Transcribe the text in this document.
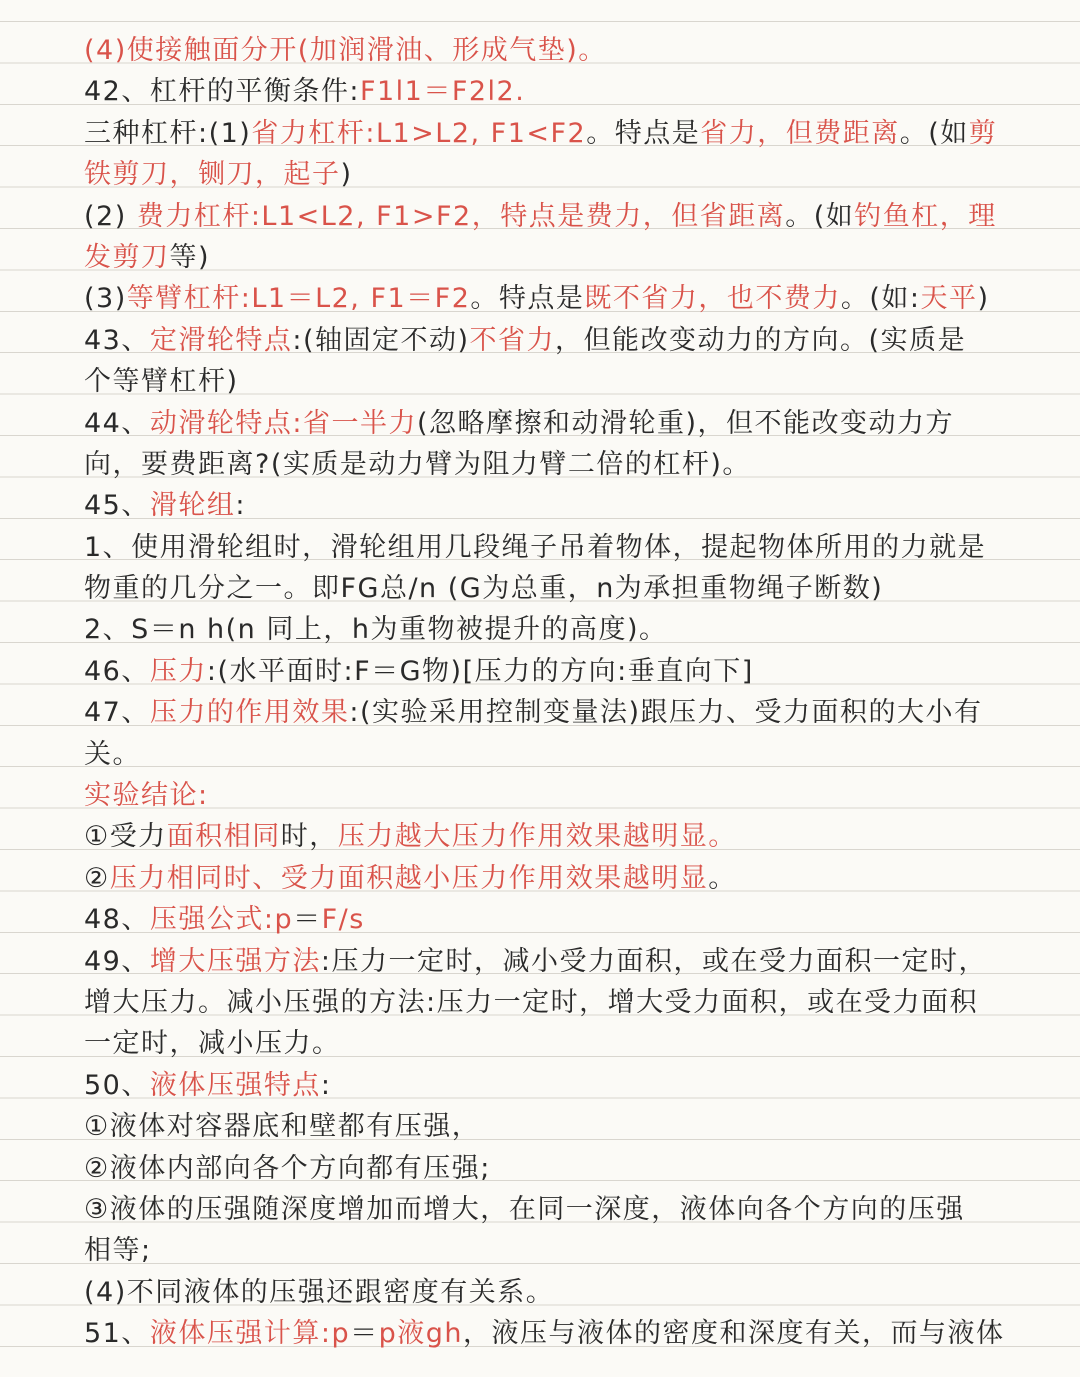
(4)使接触面分开(加润滑油、形成气垫)。
42、杠杆的平衡条件:F1l1＝F2l2.
三种杠杆:(1)省力杠杆:L1>L2, F1<F2。特点是省力，但费距离。(如剪
铁剪刀，铡刀，起子)
(2) 费力杠杆:L1<L2, F1>F2，特点是费力，但省距离。(如钓鱼杠，理
发剪刀等)
(3)等臂杠杆:L1＝L2, F1＝F2。特点是既不省力，也不费力。(如:天平)
43、定滑轮特点:(轴固定不动)不省力，但能改变动力的方向。(实质是
个等臂杠杆)
44、动滑轮特点:省一半力(忽略摩擦和动滑轮重)，但不能改变动力方
向，要费距离?(实质是动力臂为阻力臂二倍的杠杆)。
45、滑轮组:
1、使用滑轮组时，滑轮组用几段绳子吊着物体，提起物体所用的力就是
物重的几分之一。即FG总/n (G为总重，n为承担重物绳子断数)
2、S＝n h(n 同上，h为重物被提升的高度)。
46、压力:(水平面时:F＝G物)[压力的方向:垂直向下]
47、压力的作用效果:(实验采用控制变量法)跟压力、受力面积的大小有
关。
实验结论:
①受力面积相同时，压力越大压力作用效果越明显。
②压力相同时、受力面积越小压力作用效果越明显。
48、压强公式:p＝F/s
49、增大压强方法:压力一定时，减小受力面积，或在受力面积一定时，
增大压力。减小压强的方法:压力一定时，增大受力面积，或在受力面积
一定时，减小压力。
50、液体压强特点:
①液体对容器底和壁都有压强，
②液体内部向各个方向都有压强;
③液体的压强随深度增加而增大，在同一深度，液体向各个方向的压强
相等;
(4)不同液体的压强还跟密度有关系。
51、液体压强计算:p＝p液gh，液压与液体的密度和深度有关，而与液体
